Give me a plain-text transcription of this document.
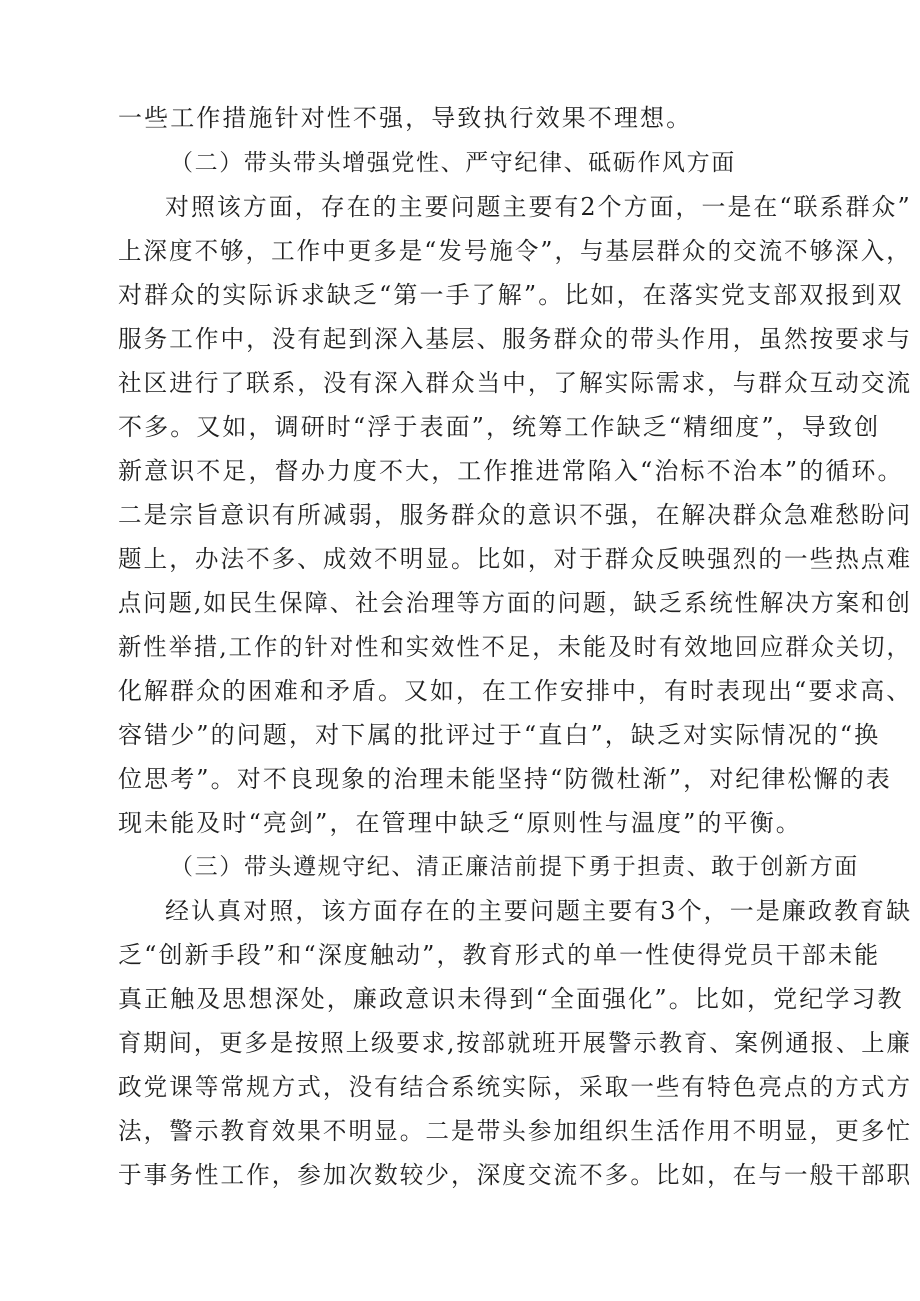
一些工作措施针对性不强，导致执行效果不理想。

（二）带头带头增强党性、严守纪律、砥砺作风方面

对照该方面，存在的主要问题主要有2个方面，一是在“联系群众”

上深度不够，工作中更多是“发号施令”，与基层群众的交流不够深入，

对群众的实际诉求缺乏“第一手了解”。比如，在落实党支部双报到双

服务工作中，没有起到深入基层、服务群众的带头作用，虽然按要求与

社区进行了联系，没有深入群众当中，了解实际需求，与群众互动交流

不多。又如，调研时“浮于表面”，统筹工作缺乏“精细度”，导致创

新意识不足，督办力度不大，工作推进常陷入“治标不治本”的循环。

二是宗旨意识有所减弱，服务群众的意识不强，在解决群众急难愁盼问

题上，办法不多、成效不明显。比如，对于群众反映强烈的一些热点难

点问题,如民生保障、社会治理等方面的问题，缺乏系统性解决方案和创

新性举措,工作的针对性和实效性不足，未能及时有效地回应群众关切，

化解群众的困难和矛盾。又如，在工作安排中，有时表现出“要求高、

容错少”的问题，对下属的批评过于“直白”，缺乏对实际情况的“换

位思考”。对不良现象的治理未能坚持“防微杜渐”，对纪律松懈的表

现未能及时“亮剑”，在管理中缺乏“原则性与温度”的平衡。

（三）带头遵规守纪、清正廉洁前提下勇于担责、敢于创新方面

经认真对照，该方面存在的主要问题主要有3个，一是廉政教育缺

乏“创新手段”和“深度触动”，教育形式的单一性使得党员干部未能

真正触及思想深处，廉政意识未得到“全面强化”。比如，党纪学习教

育期间，更多是按照上级要求,按部就班开展警示教育、案例通报、上廉

政党课等常规方式，没有结合系统实际，采取一些有特色亮点的方式方

法，警示教育效果不明显。二是带头参加组织生活作用不明显，更多忙

于事务性工作，参加次数较少，深度交流不多。比如，在与一般干部职
